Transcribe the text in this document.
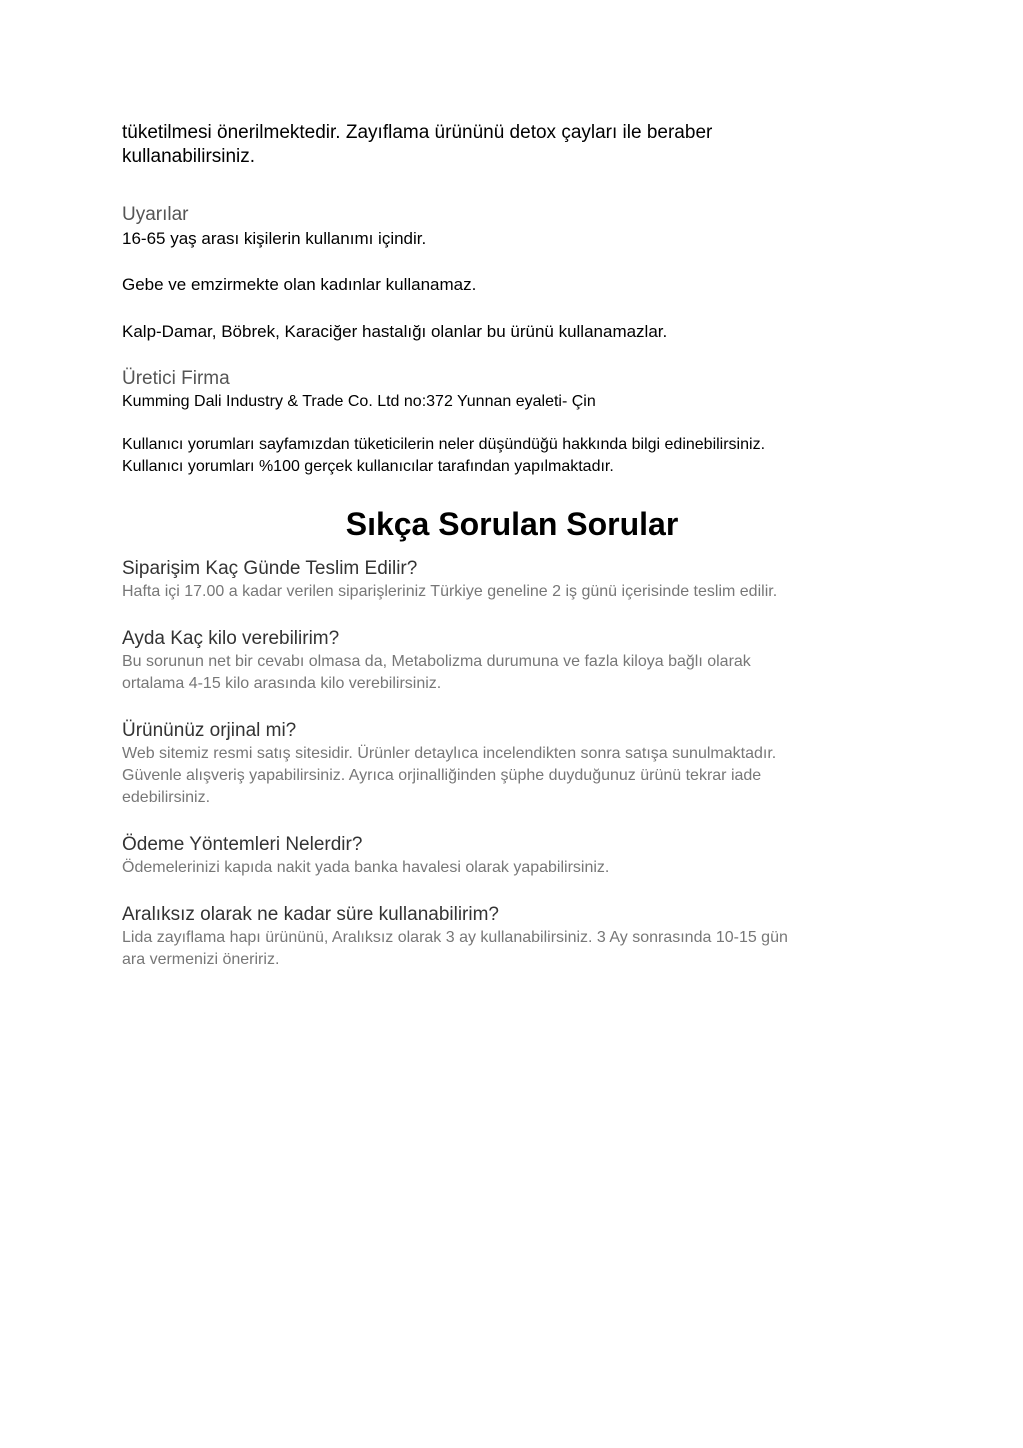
tüketilmesi önerilmektedir. Zayıflama ürününü detox çayları ile beraber

kullanabilirsiniz.

Uyarılar

16-65 yaş arası kişilerin kullanımı içindir.

Gebe ve emzirmekte olan kadınlar kullanamaz.

Kalp-Damar, Böbrek, Karaciğer hastalığı olanlar bu ürünü kullanamazlar.

Üretici Firma

Kumming Dali Industry & Trade Co. Ltd no:372 Yunnan eyaleti- Çin

Kullanıcı yorumları sayfamızdan tüketicilerin neler düşündüğü hakkında bilgi edinebilirsiniz.

Kullanıcı yorumları %100 gerçek kullanıcılar tarafından yapılmaktadır.

Sıkça Sorulan Sorular

Siparişim Kaç Günde Teslim Edilir?

Hafta içi 17.00 a kadar verilen siparişleriniz Türkiye geneline 2 iş günü içerisinde teslim edilir.

Ayda Kaç kilo verebilirim?

Bu sorunun net bir cevabı olmasa da, Metabolizma durumuna ve fazla kiloya bağlı olarak

ortalama 4-15 kilo arasında kilo verebilirsiniz.

Ürününüz orjinal mi?

Web sitemiz resmi satış sitesidir. Ürünler detaylıca incelendikten sonra satışa sunulmaktadır.

Güvenle alışveriş yapabilirsiniz. Ayrıca orjinalliğinden şüphe duyduğunuz ürünü tekrar iade

edebilirsiniz.

Ödeme Yöntemleri Nelerdir?

Ödemelerinizi kapıda nakit yada banka havalesi olarak yapabilirsiniz.

Aralıksız olarak ne kadar süre kullanabilirim?

Lida zayıflama hapı ürününü, Aralıksız olarak 3 ay kullanabilirsiniz. 3 Ay sonrasında 10-15 gün

ara vermenizi öneririz.
